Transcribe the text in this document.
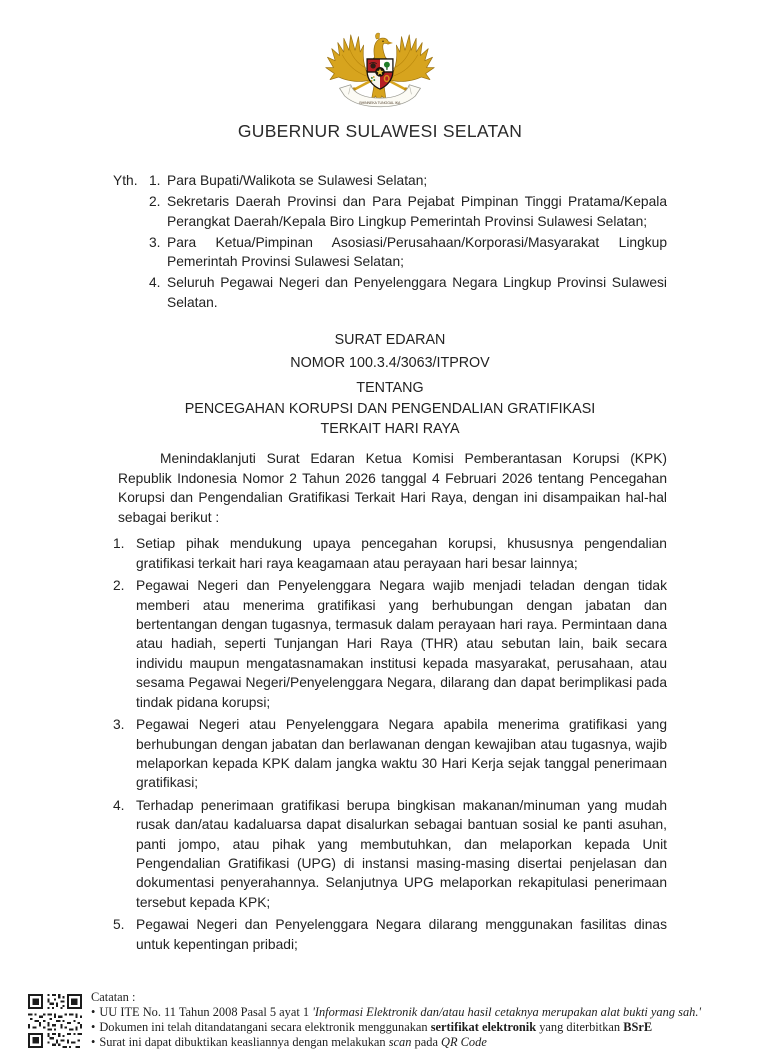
BHINNEKA TUNGGAL IKA
GUBERNUR SULAWESI SELATAN
Yth. 1. Para Bupati/Walikota se Sulawesi Selatan;
2. Sekretaris Daerah Provinsi dan Para Pejabat Pimpinan Tinggi Pratama/Kepala Perangkat Daerah/Kepala Biro Lingkup Pemerintah Provinsi Sulawesi Selatan;
3. Para Ketua/Pimpinan Asosiasi/Perusahaan/Korporasi/Masyarakat Lingkup Pemerintah Provinsi Sulawesi Selatan;
4. Seluruh Pegawai Negeri dan Penyelenggara Negara Lingkup Provinsi Sulawesi Selatan.
SURAT EDARAN
NOMOR 100.3.4/3063/ITPROV
TENTANG
PENCEGAHAN KORUPSI DAN PENGENDALIAN GRATIFIKASI
TERKAIT HARI RAYA

Menindaklanjuti Surat Edaran Ketua Komisi Pemberantasan Korupsi (KPK) Republik Indonesia Nomor 2 Tahun 2026 tanggal 4 Februari 2026 tentang Pencegahan Korupsi dan Pengendalian Gratifikasi Terkait Hari Raya, dengan ini disampaikan hal-hal sebagai berikut :

1. Setiap pihak mendukung upaya pencegahan korupsi, khususnya pengendalian gratifikasi terkait hari raya keagamaan atau perayaan hari besar lainnya;
2. Pegawai Negeri dan Penyelenggara Negara wajib menjadi teladan dengan tidak memberi atau menerima gratifikasi yang berhubungan dengan jabatan dan bertentangan dengan tugasnya, termasuk dalam perayaan hari raya. Permintaan dana atau hadiah, seperti Tunjangan Hari Raya (THR) atau sebutan lain, baik secara individu maupun mengatasnamakan institusi kepada masyarakat, perusahaan, atau sesama Pegawai Negeri/Penyelenggara Negara, dilarang dan dapat berimplikasi pada tindak pidana korupsi;
3. Pegawai Negeri atau Penyelenggara Negara apabila menerima gratifikasi yang berhubungan dengan jabatan dan berlawanan dengan kewajiban atau tugasnya, wajib melaporkan kepada KPK dalam jangka waktu 30 Hari Kerja sejak tanggal penerimaan gratifikasi;
4. Terhadap penerimaan gratifikasi berupa bingkisan makanan/minuman yang mudah rusak dan/atau kadaluarsa dapat disalurkan sebagai bantuan sosial ke panti asuhan, panti jompo, atau pihak yang membutuhkan, dan melaporkan kepada Unit Pengendalian Gratifikasi (UPG) di instansi masing-masing disertai penjelasan dan dokumentasi penyerahannya. Selanjutnya UPG melaporkan rekapitulasi penerimaan tersebut kepada KPK;
5. Pegawai Negeri dan Penyelenggara Negara dilarang menggunakan fasilitas dinas untuk kepentingan pribadi;
Catatan :
• UU ITE No. 11 Tahun 2008 Pasal 5 ayat 1 'Informasi Elektronik dan/atau hasil cetaknya merupakan alat bukti yang sah.'
• Dokumen ini telah ditandatangani secara elektronik menggunakan sertifikat elektronik yang diterbitkan BSrE
• Surat ini dapat dibuktikan keasliannya dengan melakukan scan pada QR Code
